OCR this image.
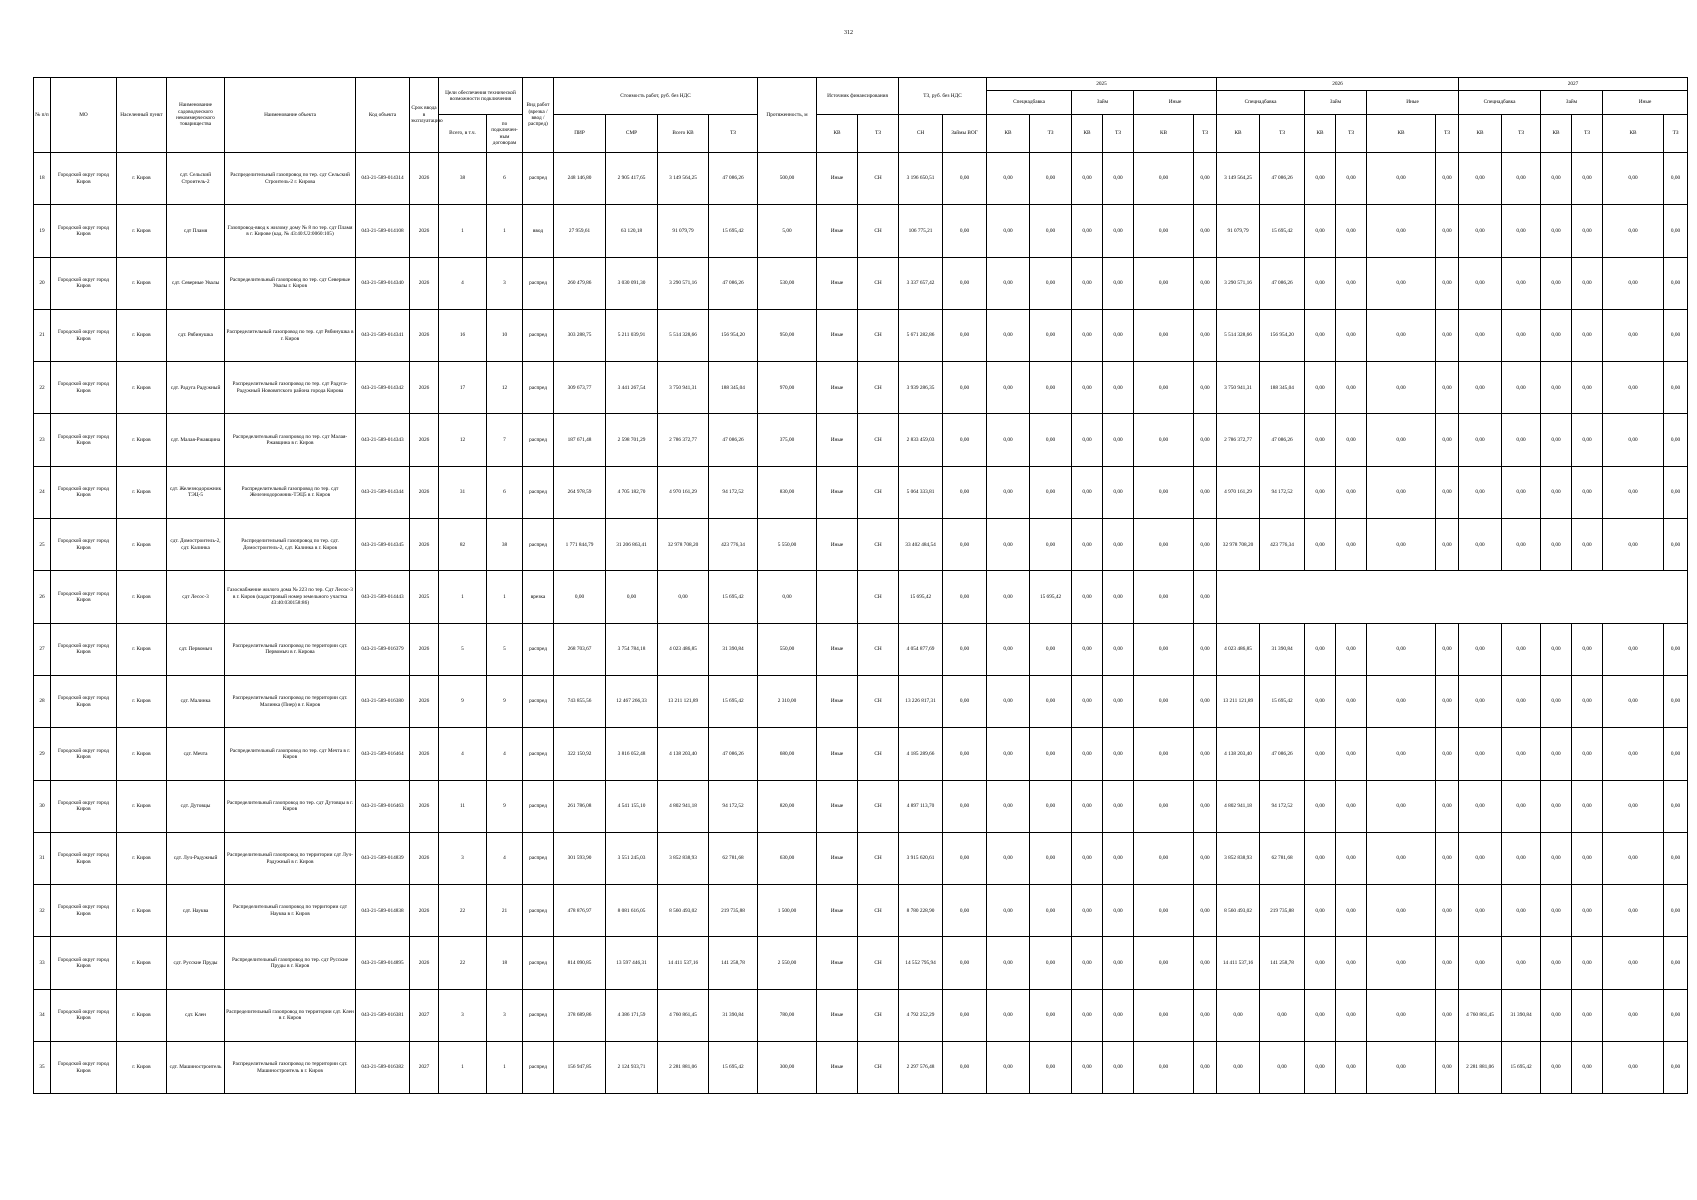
312
№ п/п	МО	Населенный пункт	Наименование садоводческого некоммерческого товарищества	Наименование объекта	Код объекта	Срок ввода в эксплуатацию	Цели обеспечения технической возможности подключения		Вид работ (врезка / ввод / распред)	Стоимость работ, руб. без НДС				Протяженность, м	Источник финансирования		ТЗ, руб. без НДС		2025						2026						2027					
																			Спецнадбавка		Займ		Иные		Спецнадбавка		Займ		Иные		Спецнадбавка		Займ		Иные	
							Всего, в т.ч.	по подключенным договорам		ПИР	СМР	Всего КВ	ТЗ		КВ	ТЗ	СН	Займы ВОГ	КВ	ТЗ	КВ	ТЗ	КВ	ТЗ	КВ	ТЗ	КВ	ТЗ	КВ	ТЗ	КВ	ТЗ	КВ	ТЗ	КВ	ТЗ
18	Городской округ город Киров	г. Киров	сдт. Сельский Строитель-2	Распределительный газопровод по тер. сдт Сельский Строитель-2 г. Кирова	043-21-589-014314	2026	38	6	распред	248 146,80	2 905 417,65	3 149 564,25	47 086,26	500,00	Иные	СН	3 196 650,51	0,00	0,00	0,00	0,00	0,00	0,00	0,00	3 149 564,25	47 086,26	0,00	0,00	0,00	0,00	0,00	0,00	0,00	0,00	0,00	0,00
19	Городской округ город Киров	г. Киров	сдт Пламя	Газопровод-ввод к жилому дому № 8 по тер. сдт Пламя в г. Кирове (кад. № 43:40:U2:0060:105)	043-21-589-014108	2026	1	1	ввод	27 959,61	63 120,18	91 079,79	15 695,42	5,00	Иные	СН	106 775,21	0,00	0,00	0,00	0,00	0,00	0,00	0,00	91 079,79	15 695,42	0,00	0,00	0,00	0,00	0,00	0,00	0,00	0,00	0,00	0,00
20	Городской округ город Киров	г. Киров	сдт. Северные Увалы	Распределительный газопровод по тер. сдт Северные Увалы г. Киров	043-21-589-014340	2026	4	3	распред	260 479,86	3 030 091,30	3 290 571,16	47 086,26	530,00	Иные	СН	3 337 657,42	0,00	0,00	0,00	0,00	0,00	0,00	0,00	3 290 571,16	47 086,26	0,00	0,00	0,00	0,00	0,00	0,00	0,00	0,00	0,00	0,00
21	Городской округ город Киров	г. Киров	сдт. Рябинушка	Распределительный газопровод по тер. сдт Рябинушка в г. Киров	043-21-589-014341	2026	16	10	распред	303 288,75	5 211 039,91	5 514 328,66	156 954,20	950,00	Иные	СН	5 671 282,86	0,00	0,00	0,00	0,00	0,00	0,00	0,00	5 514 328,66	156 954,20	0,00	0,00	0,00	0,00	0,00	0,00	0,00	0,00	0,00	0,00
22	Городской округ город Киров	г. Киров	сдт. Радуга Радужный	Распределительный газопровод по тер. сдт Радуга-Радужный Нововятского района города Кирова	043-21-589-014342	2026	17	12	распред	309 673,77	3 441 267,54	3 750 941,31	188 345,04	970,00	Иные	СН	3 939 286,35	0,00	0,00	0,00	0,00	0,00	0,00	0,00	3 750 941,31	188 345,04	0,00	0,00	0,00	0,00	0,00	0,00	0,00	0,00	0,00	0,00
23	Городской округ город Киров	г. Киров	сдт. Малая-Ржавщина	Распределительный газопровод по тер. сдт Малая-Ржавщина в г. Киров	043-21-589-014343	2026	12	7	распред	187 671,48	2 598 701,29	2 786 372,77	47 086,26	375,00	Иные	СН	2 833 459,03	0,00	0,00	0,00	0,00	0,00	0,00	0,00	2 786 372,77	47 086,26	0,00	0,00	0,00	0,00	0,00	0,00	0,00	0,00	0,00	0,00
24	Городской округ город Киров	г. Киров	сдт. Железнодорожник ТЭЦ-5	Распределительный газопровод по тер. сдт Железнодорожник-ТЭЦ5 в г. Киров	043-21-589-014344	2026	31	6	распред	264 978,59	4 705 182,70	4 970 161,29	94 172,52	830,00	Иные	СН	5 064 333,81	0,00	0,00	0,00	0,00	0,00	0,00	0,00	4 970 161,29	94 172,52	0,00	0,00	0,00	0,00	0,00	0,00	0,00	0,00	0,00	0,00
25	Городской округ город Киров	г. Киров	сдт. Домостроитель-2, сдт. Калинка	Распределительный газопровод по тер. сдт. Домостроитель-2, сдт. Калинка в г. Киров	043-21-589-014345	2026	82	38	распред	1 771 844,79	31 206 863,41	32 978 708,20	423 776,34	5 550,00	Иные	СН	33 402 484,54	0,00	0,00	0,00	0,00	0,00	0,00	0,00	32 978 708,20	423 776,34	0,00	0,00	0,00	0,00	0,00	0,00	0,00	0,00	0,00	0,00
26	Городской округ город Киров	г. Киров	сдт Лесос-3	Газоснабжение жилого дома № 223 по тер. Сдт Лесос-3 в г. Киров (кадастровый номер земельного участка 43:40:030158:86)	043-21-589-014443	2025	1	1	врезка	0,00	0,00	0,00	15 695,42	0,00		СН	15 695,42	0,00	0,00	15 695,42	0,00	0,00	0,00	0,00												
27	Городской округ город Киров	г. Киров	сдт. Первомыч	Распределительный газопровод по территории сдт. Первомыч в г. Кирова	043-21-589-016379	2026	5	5	распред	268 703,67	3 754 784,18	4 023 486,85	31 390,84	550,00	Иные	СН	4 054 877,69	0,00	0,00	0,00	0,00	0,00	0,00	0,00	4 023 486,85	31 390,84	0,00	0,00	0,00	0,00	0,00	0,00	0,00	0,00	0,00	0,00
28	Городской округ город Киров	г. Киров	сдт. Малинка	Распределительный газопровод по территории сдт. Малинка (Пиер) в г. Киров	043-21-589-016380	2026	9	9	распред	743 855,56	12 467 266,33	13 211 121,89	15 695,42	2 310,00	Иные	СН	13 226 817,31	0,00	0,00	0,00	0,00	0,00	0,00	0,00	13 211 121,89	15 695,42	0,00	0,00	0,00	0,00	0,00	0,00	0,00	0,00	0,00	0,00
29	Городской округ город Киров	г. Киров	сдт. Мечта	Распределительный газопровод по тер. сдт Мечта в г. Киров	043-21-589-016464	2026	4	4	распред	322 150,92	3 816 052,48	4 138 203,40	47 086,26	680,00	Иные	СН	4 185 289,66	0,00	0,00	0,00	0,00	0,00	0,00	0,00	4 138 203,40	47 086,26	0,00	0,00	0,00	0,00	0,00	0,00	0,00	0,00	0,00	0,00
30	Городской округ город Киров	г. Киров	сдт. Дутовцы	Распределительный газопровод по тер. сдт Дутовцы в г. Киров	043-21-589-016463	2026	11	9	распред	261 786,08	4 541 155,10	4 802 941,18	94 172,52	820,00	Иные	СН	4 897 113,70	0,00	0,00	0,00	0,00	0,00	0,00	0,00	4 802 941,18	94 172,52	0,00	0,00	0,00	0,00	0,00	0,00	0,00	0,00	0,00	0,00
31	Городской округ город Киров	г. Киров	сдт. Луч-Радужный	Распределительный газопровод по территории сдт Луч-Радужный в г. Киров	043-21-589-014839	2026	3	4	распред	301 593,90	3 551 245,03	3 852 838,93	62 781,68	630,00	Иные	СН	3 915 620,61	0,00	0,00	0,00	0,00	0,00	0,00	0,00	3 852 838,93	62 781,68	0,00	0,00	0,00	0,00	0,00	0,00	0,00	0,00	0,00	0,00
32	Городской округ город Киров	г. Киров	сдт. Науква	Распределительный газопровод по территории сдт Науква в г. Киров	043-21-589-014838	2026	22	21	распред	478 876,97	8 081 616,05	8 560 493,02	219 735,88	1 500,00	Иные	СН	8 780 228,90	0,00	0,00	0,00	0,00	0,00	0,00	0,00	8 560 493,02	219 735,88	0,00	0,00	0,00	0,00	0,00	0,00	0,00	0,00	0,00	0,00
33	Городской округ город Киров	г. Киров	сдт. Русские Пруды	Распределительный газопровод по тер. сдт Русские Пруды в г. Киров	043-21-589-014895	2026	22	18	распред	814 090,85	13 597 446,31	14 411 537,16	141 258,78	2 550,00	Иные	СН	14 552 795,94	0,00	0,00	0,00	0,00	0,00	0,00	0,00	14 411 537,16	141 258,78	0,00	0,00	0,00	0,00	0,00	0,00	0,00	0,00	0,00	0,00
34	Городской округ город Киров	г. Киров	сдт. Клен	Распределительный газопровод по территории сдт. Клен в г. Киров	043-21-589-016381	2027	3	3	распред	378 689,86	4 386 171,59	4 760 861,45	31 390,84	780,00	Иные	СН	4 792 252,29	0,00	0,00	0,00	0,00	0,00	0,00	0,00	0,00	0,00	0,00	0,00	0,00	0,00	4 760 861,45	31 390,84	0,00	0,00	0,00	0,00
35	Городской округ город Киров	г. Киров	сдт. Машиностроитель	Распределительный газопровод по территории сдт. Машиностроитель в г. Киров	043-21-589-016382	2027	1	1	распред	156 947,85	2 124 933,71	2 281 881,06	15 695,42	300,00	Иные	СН	2 297 576,48	0,00	0,00	0,00	0,00	0,00	0,00	0,00	0,00	0,00	0,00	0,00	0,00	0,00	2 281 881,06	15 695,42	0,00	0,00	0,00	0,00
